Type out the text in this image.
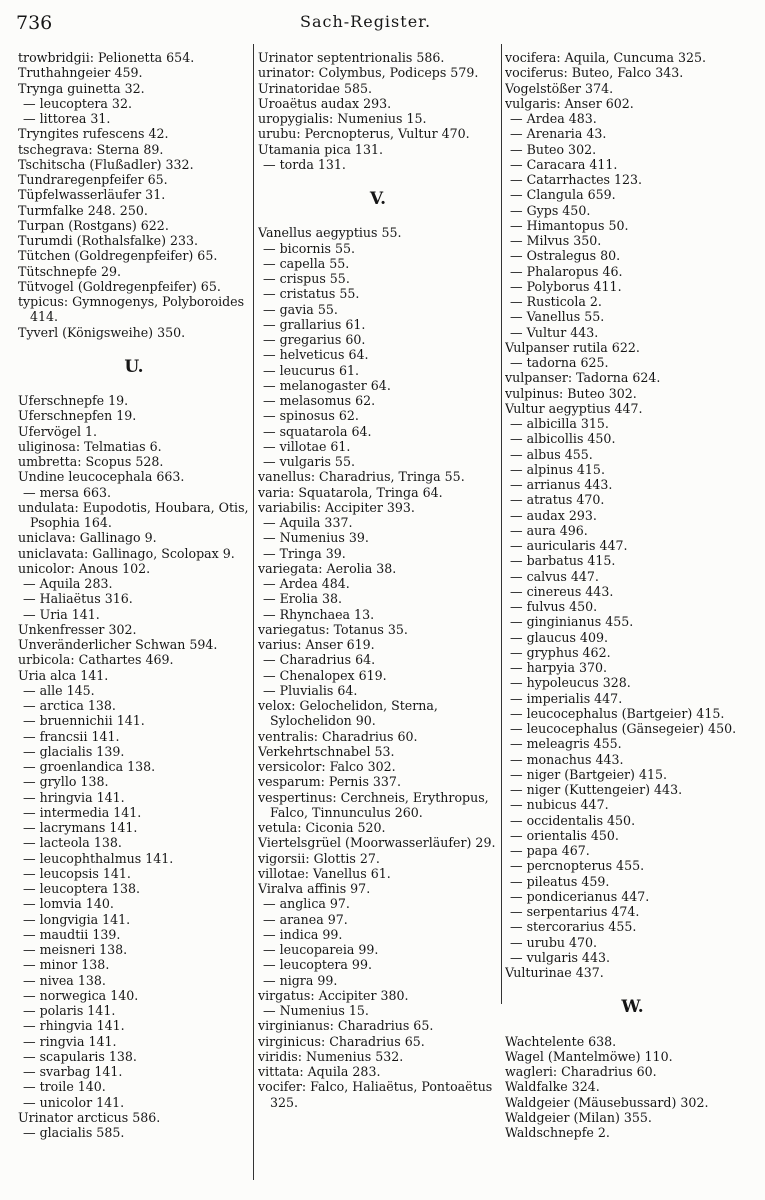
736	Sach-Register.
trowbridgii: Pelionetta 654.
Truthahngeier 459.
Trynga guinetta 32.
— leucoptera 32.
— littorea 31.
Tryngites rufescens 42.
tschegrava: Sterna 89.
Tschitscha (Flußadler) 332.
Tundraregenpfeifer 65.
Tüpfelwasserläufer 31.
Turmfalke 248. 250.
Turpan (Rostgans) 622.
Turumdi (Rothalsfalke) 233.
Tütchen (Goldregenpfeifer) 65.
Tütschnepfe 29.
Tütvogel (Goldregenpfeifer) 65.
typicus: Gymnogenys, Polyboroides 414.
Tyverl (Königsweihe) 350.
U.
Uferschnepfe 19.
Uferschnepfen 19.
Ufervögel 1.
uliginosa: Telmatias 6.
umbretta: Scopus 528.
Undine leucocephala 663.
— mersa 663.
undulata: Eupodotis, Houbara, Otis, Psophia 164.
uniclava: Gallinago 9.
uniclavata: Gallinago, Scolopax 9.
unicolor: Anous 102.
— Aquila 283.
— Haliaëtus 316.
— Uria 141.
Unkenfresser 302.
Unveränderlicher Schwan 594.
urbicola: Cathartes 469.
Uria alca 141.
— alle 145.
— arctica 138.
— bruennichii 141.
— francsii 141.
— glacialis 139.
— groenlandica 138.
— gryllo 138.
— hringvia 141.
— intermedia 141.
— lacrymans 141.
— lacteola 138.
— leucophthalmus 141.
— leucopsis 141.
— leucoptera 138.
— lomvia 140.
— longvigia 141.
— maudtii 139.
— meisneri 138.
— minor 138.
— nivea 138.
— norwegica 140.
— polaris 141.
— rhingvia 141.
— ringvia 141.
— scapularis 138.
— svarbag 141.
— troile 140.
— unicolor 141.
Urinator arcticus 586.
— glacialis 585.
Urinator septentrionalis 586.
urinator: Colymbus, Podiceps 579.
Urinatoridae 585.
Uroaëtus audax 293.
uropygialis: Numenius 15.
urubu: Percnopterus, Vultur 470.
Utamania pica 131.
— torda 131.
V.
Vanellus aegyptius 55.
— bicornis 55.
— capella 55.
— crispus 55.
— cristatus 55.
— gavia 55.
— grallarius 61.
— gregarius 60.
— helveticus 64.
— leucurus 61.
— melanogaster 64.
— melasomus 62.
— spinosus 62.
— squatarola 64.
— villotae 61.
— vulgaris 55.
vanellus: Charadrius, Tringa 55.
varia: Squatarola, Tringa 64.
variabilis: Accipiter 393.
— Aquila 337.
— Numenius 39.
— Tringa 39.
variegata: Aerolia 38.
— Ardea 484.
— Erolia 38.
— Rhynchaea 13.
variegatus: Totanus 35.
varius: Anser 619.
— Charadrius 64.
— Chenalopex 619.
— Pluvialis 64.
velox: Gelochelidon, Sterna, Sylochelidon 90.
ventralis: Charadrius 60.
Verkehrtschnabel 53.
versicolor: Falco 302.
vesparum: Pernis 337.
vespertinus: Cerchneis, Erythropus, Falco, Tinnunculus 260.
vetula: Ciconia 520.
Viertelsgrüel (Moorwasserläufer) 29.
vigorsii: Glottis 27.
villotae: Vanellus 61.
Viralva affinis 97.
— anglica 97.
— aranea 97.
— indica 99.
— leucopareia 99.
— leucoptera 99.
— nigra 99.
virgatus: Accipiter 380.
— Numenius 15.
virginianus: Charadrius 65.
virginicus: Charadrius 65.
viridis: Numenius 532.
vittata: Aquila 283.
vocifer: Falco, Haliaëtus, Pontoaëtus 325.
vocifera: Aquila, Cuncuma 325.
vociferus: Buteo, Falco 343.
Vogelstößer 374.
vulgaris: Anser 602.
— Ardea 483.
— Arenaria 43.
— Buteo 302.
— Caracara 411.
— Catarrhactes 123.
— Clangula 659.
— Gyps 450.
— Himantopus 50.
— Milvus 350.
— Ostralegus 80.
— Phalaropus 46.
— Polyborus 411.
— Rusticola 2.
— Vanellus 55.
— Vultur 443.
Vulpanser rutila 622.
— tadorna 625.
vulpanser: Tadorna 624.
vulpinus: Buteo 302.
Vultur aegyptius 447.
— albicilla 315.
— albicollis 450.
— albus 455.
— alpinus 415.
— arrianus 443.
— atratus 470.
— audax 293.
— aura 496.
— auricularis 447.
— barbatus 415.
— calvus 447.
— cinereus 443.
— fulvus 450.
— ginginianus 455.
— glaucus 409.
— gryphus 462.
— harpyia 370.
— hypoleucus 328.
— imperialis 447.
— leucocephalus (Bartgeier) 415.
— leucocephalus (Gänsegeier) 450.
— meleagris 455.
— monachus 443.
— niger (Bartgeier) 415.
— niger (Kuttengeier) 443.
— nubicus 447.
— occidentalis 450.
— orientalis 450.
— papa 467.
— percnopterus 455.
— pileatus 459.
— pondicerianus 447.
— serpentarius 474.
— stercorarius 455.
— urubu 470.
— vulgaris 443.
Vulturinae 437.
W.
Wachtelente 638.
Wagel (Mantelmöwe) 110.
wagleri: Charadrius 60.
Waldfalke 324.
Waldgeier (Mäusebussard) 302.
Waldgeier (Milan) 355.
Waldschnepfe 2.
